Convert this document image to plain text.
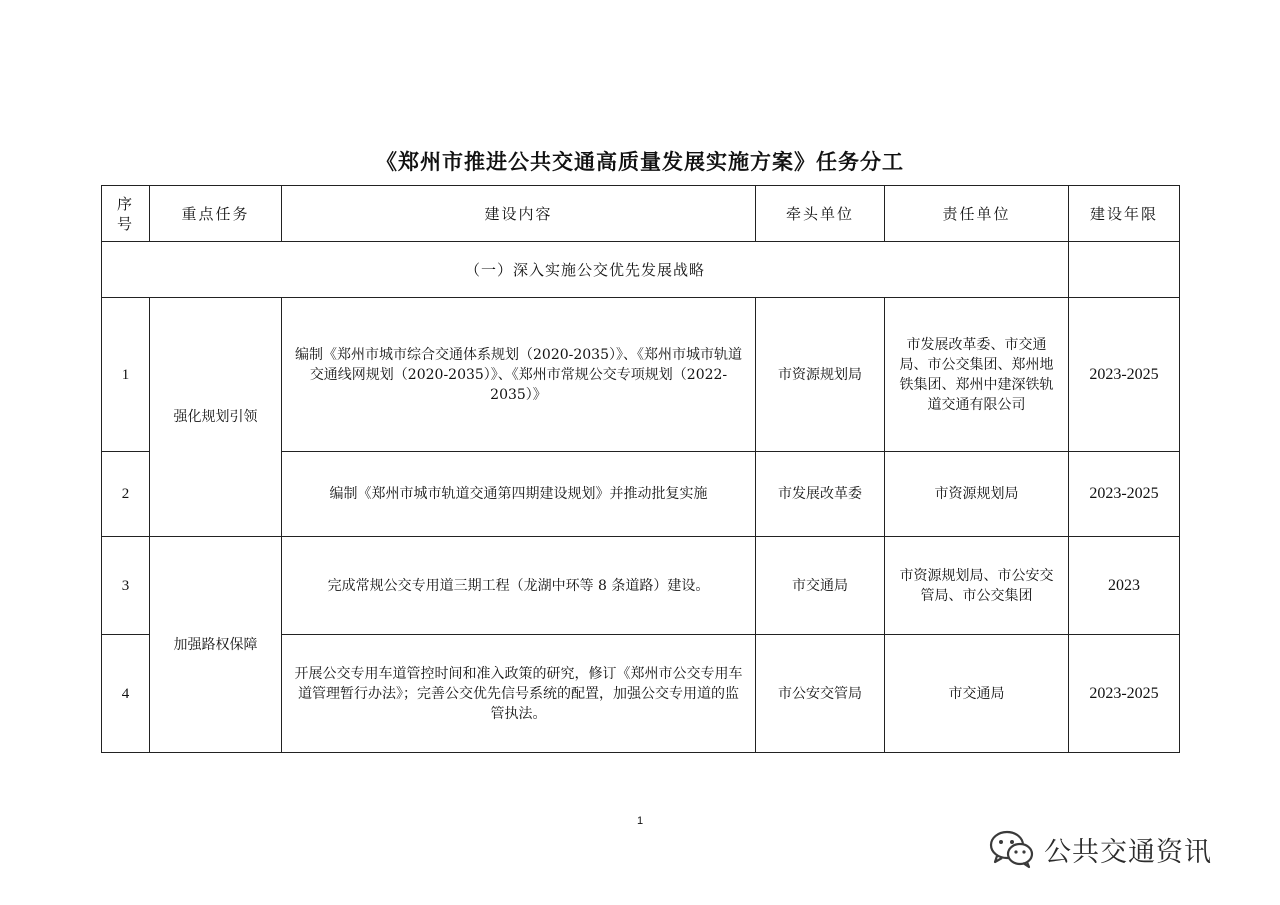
《郑州市推进公共交通高质量发展实施方案》任务分工
序号	重点任务	建设内容	牵头单位	责任单位	建设年限
（一）深入实施公交优先发展战略					
1	强化规划引领	编制《郑州市城市综合交通体系规划（2020-2035）》、《郑州市城市轨道交通线网规划（2020-2035）》、《郑州市常规公交专项规划（2022-2035）》	市资源规划局	市发展改革委、市交通局、市公交集团、郑州地铁集团、郑州中建深铁轨道交通有限公司	2023-2025
2		编制《郑州市城市轨道交通第四期建设规划》并推动批复实施	市发展改革委	市资源规划局	2023-2025
3	加强路权保障	完成常规公交专用道三期工程（龙湖中环等 8 条道路）建设。	市交通局	市资源规划局、市公安交管局、市公交集团	2023
4		开展公交专用车道管控时间和准入政策的研究，修订《郑州市公交专用车道管理暂行办法》；完善公交优先信号系统的配置，加强公交专用道的监管执法。	市公安交管局	市交通局	2023-2025
1
公共交通资讯
